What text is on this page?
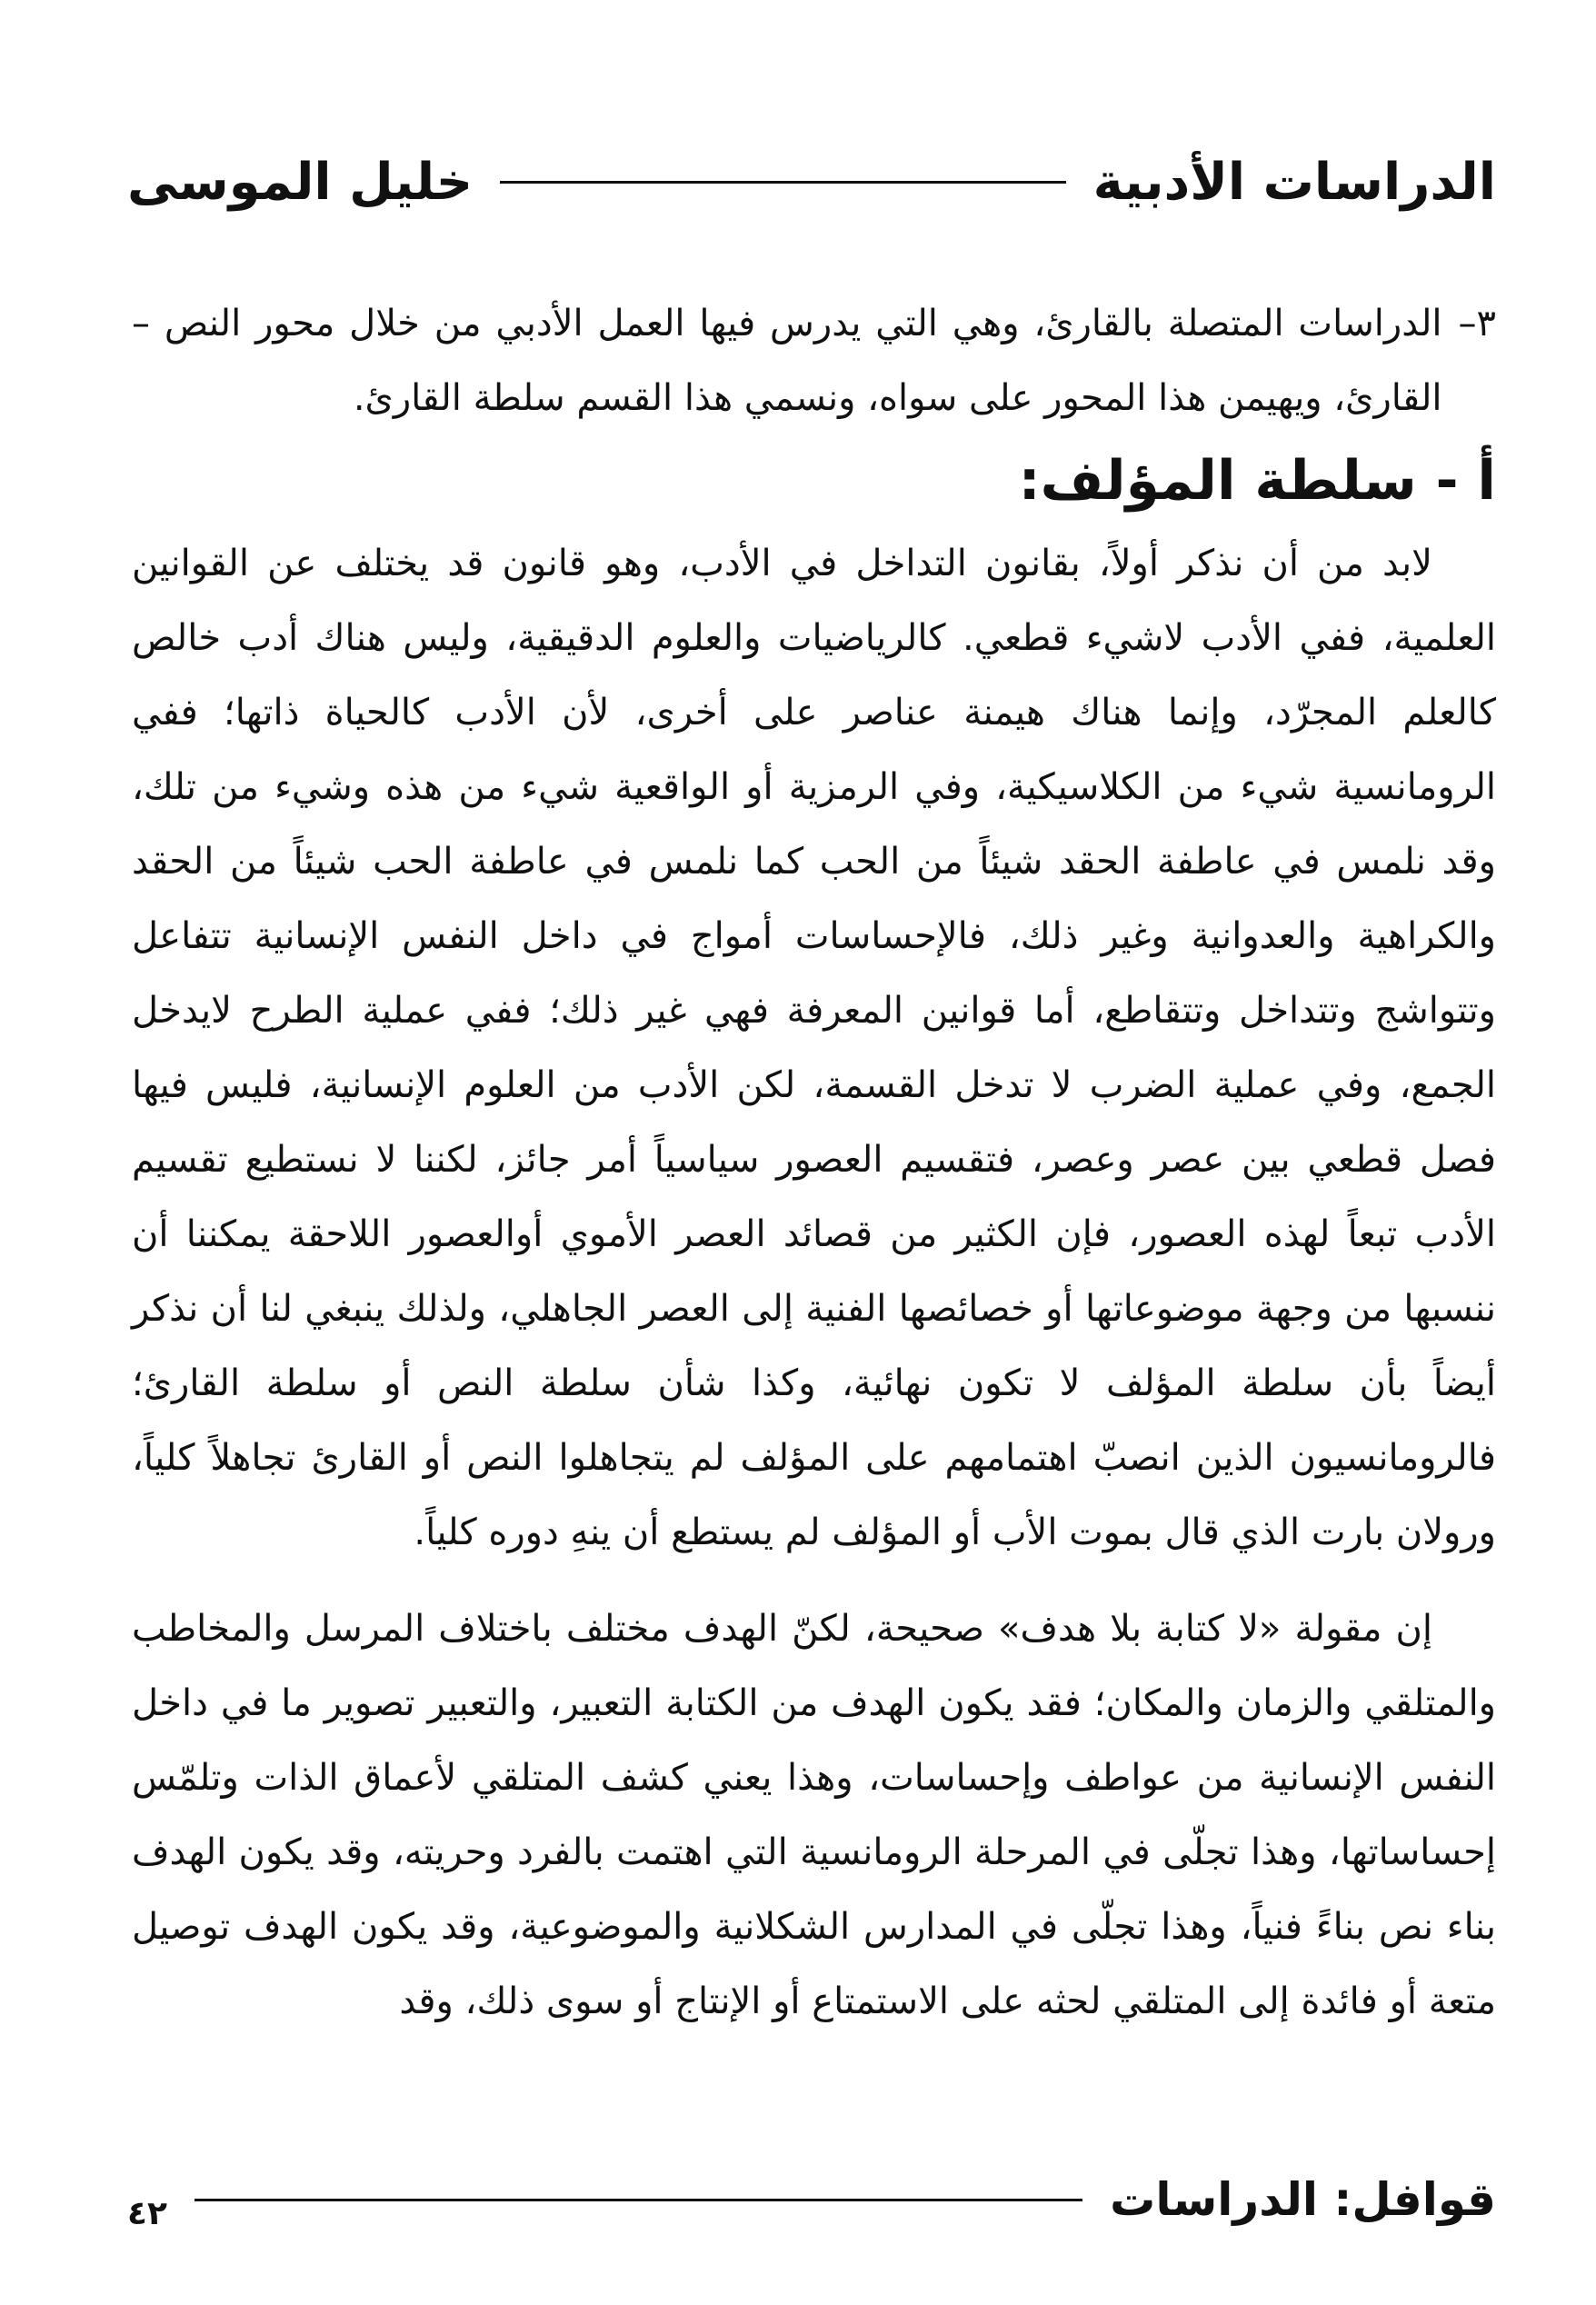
الدراسات الأدبية
خليل الموسى
٣–

الدراسات المتصلة بالقارئ، وهي التي يدرس فيها العمل الأدبي من خلال محور النص – القارئ، ويهيمن هذا المحور على سواه، ونسمي هذا القسم سلطة القارئ.

أ - سلطة المؤلف:

لابد من أن نذكر أولاً، بقانون التداخل في الأدب، وهو قانون قد يختلف عن القوانين العلمية، ففي الأدب لاشيء قطعي. كالرياضيات والعلوم الدقيقية، وليس هناك أدب خالص كالعلم المجرّد، وإنما هناك هيمنة عناصر على أخرى، لأن الأدب كالحياة ذاتها؛ ففي الرومانسية شيء من الكلاسيكية، وفي الرمزية أو الواقعية شيء من هذه وشيء من تلك، وقد نلمس في عاطفة الحقد شيئاً من الحب كما نلمس في عاطفة الحب شيئاً من الحقد والكراهية والعدوانية وغير ذلك، فالإحساسات أمواج في داخل النفس الإنسانية تتفاعل وتتواشج وتتداخل وتتقاطع، أما قوانين المعرفة فهي غير ذلك؛ ففي عملية الطرح لايدخل الجمع، وفي عملية الضرب لا تدخل القسمة، لكن الأدب من العلوم الإنسانية، فليس فيها فصل قطعي بين عصر وعصر، فتقسيم العصور سياسياً أمر جائز، لكننا لا نستطيع تقسيم الأدب تبعاً لهذه العصور، فإن الكثير من قصائد العصر الأموي أوالعصور اللاحقة يمكننا أن ننسبها من وجهة موضوعاتها أو خصائصها الفنية إلى العصر الجاهلي، ولذلك ينبغي لنا أن نذكر أيضاً بأن سلطة المؤلف لا تكون نهائية، وكذا شأن سلطة النص أو سلطة القارئ؛ فالرومانسيون الذين انصبّ اهتمامهم على المؤلف لم يتجاهلوا النص أو القارئ تجاهلاً كلياً، ورولان بارت الذي قال بموت الأب أو المؤلف لم يستطع أن ينهِ دوره كلياً.

إن مقولة «لا كتابة بلا هدف» صحيحة، لكنّ الهدف مختلف باختلاف المرسل والمخاطب والمتلقي والزمان والمكان؛ فقد يكون الهدف من الكتابة التعبير، والتعبير تصوير ما في داخل النفس الإنسانية من عواطف وإحساسات، وهذا يعني كشف المتلقي لأعماق الذات وتلمّس إحساساتها، وهذا تجلّى في المرحلة الرومانسية التي اهتمت بالفرد وحريته، وقد يكون الهدف بناء نص بناءً فنياً، وهذا تجلّى في المدارس الشكلانية والموضوعية، وقد يكون الهدف توصيل متعة أو فائدة إلى المتلقي لحثه على الاستمتاع أو الإنتاج أو سوى ذلك، وقد

قوافل: الدراسات
٤٢
